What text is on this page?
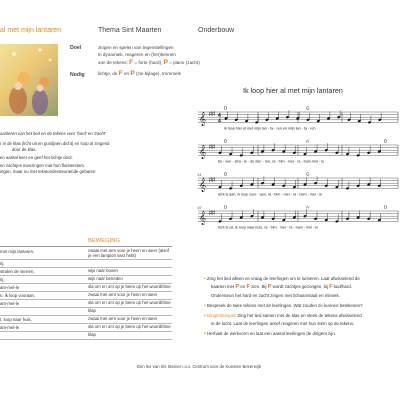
al met mijn lantaren	Thema Sint Maarten	Onderbouw
Doel	zingen en spelen van tegenstellingen
in dynamiek, reageren en (her)kennen
van de tekens: F = forte (hard), P = piano (zacht)
Nodig	lichtje, de F en P (zie bijlage), trommels
Ik loop hier al met mijn lantaren
𝄞 ♯♯ 4
4
D	G
Ik loop hier al met mijn lan - ta - ren en mijn lan - ta - ren
𝄞 ♯♯
D	A	D
be - ven - stra - le - de ster - ren, ra - bim - mel - ra - bam-mel - le
𝄞 ♯♯
14	D	G
licht is aan, ik loop voor - aan, ra - bim - mel - ra - bam - mel - le
𝄞 ♯♯
19	D	A	D
licht is uit, ik loop naar huis, ra - bim - mel - ra - bam - mel - le
aanleren van het lied en de tekens voor 'hard' en 'zacht'
r in de klas (licht uit en gordijnen dicht) en loop al zingend
door de klas.
en aantal keer en geef het lichtje door.
en zachtjes meezingen met hun fluisterstem.
ingen, maar nu met tekstondersteunende gebaren:
BEWEGING
met mijn lantaren,	zwaai met arm voor je heen en weer (alsof je een lampion vast hebt)
rij,
stralen de sterren,	wijs naar boven
rij,	wijs naar beneden
am-mel-le	sla om en om op je been op het woordritme
n, ik loop vooraan,	zwaai met arm voor je heen en weer
am-mel-le	sla om en om op je been op het woordritme
klap
t, loop naar huis,	zwaai met arm voor je heen en weer
am-mel-le	sla om en om op je been op het woordritme
klap
• Zing het lied alleen en vraag de leerlingen om te luisteren. Laat afwisselend de
kaarten met P en F zien. Bij P wordt zachtjes gezongen, bij F luid/hard.
Ondersteun het hard en zacht zingen met lichaamstaal en mimiek.
• Bespreek de twee tekens met de leerlingen. Wat zouden ze kunnen betekenen?
• Dirigentenspel: Zing het lied samen met de klas en steek de tekens afwisselend
in de lucht. Laat de leerlingen actief reageren met hun stem op de tekens.
• Herhaal de werkvorm en laat een aantal leerlingen de dirigent zijn.
Een les van Iris Steiner i.o.v. Centrum voor de Kunsten Beverwijk
